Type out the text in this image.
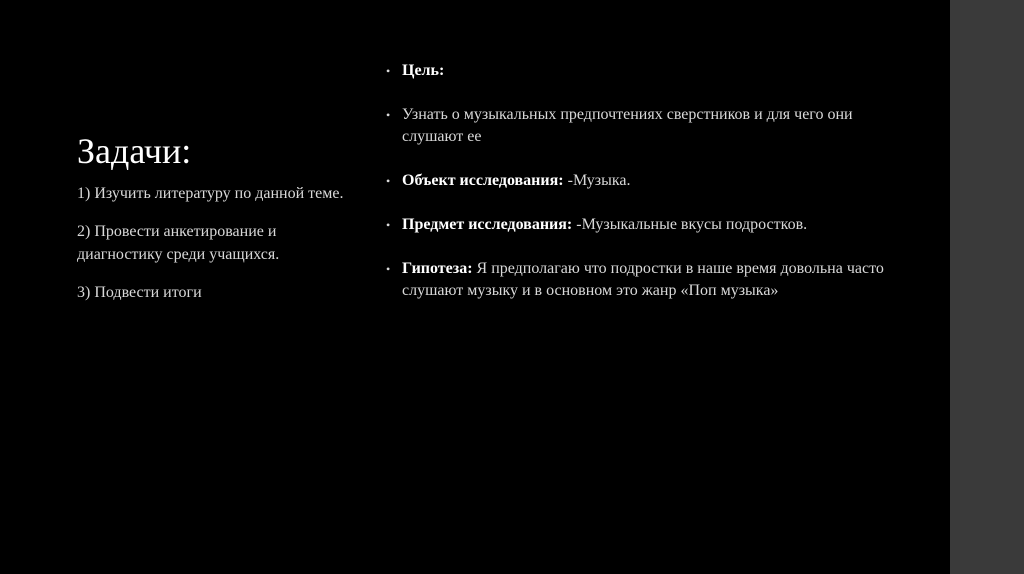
Задачи:
1) Изучить литературу по данной теме.
2) Провести анкетирование и диагностику среди учащихся.
3) Подвести итоги
• Цель:
• Узнать о музыкальных предпочтениях сверстников и для чего они слушают ее
• Объект исследования: -Музыка.
• Предмет исследования: -Музыкальные вкусы подростков.
• Гипотеза: Я предполагаю что подростки в наше время довольна часто слушают музыку и в основном это жанр «Поп музыка»
